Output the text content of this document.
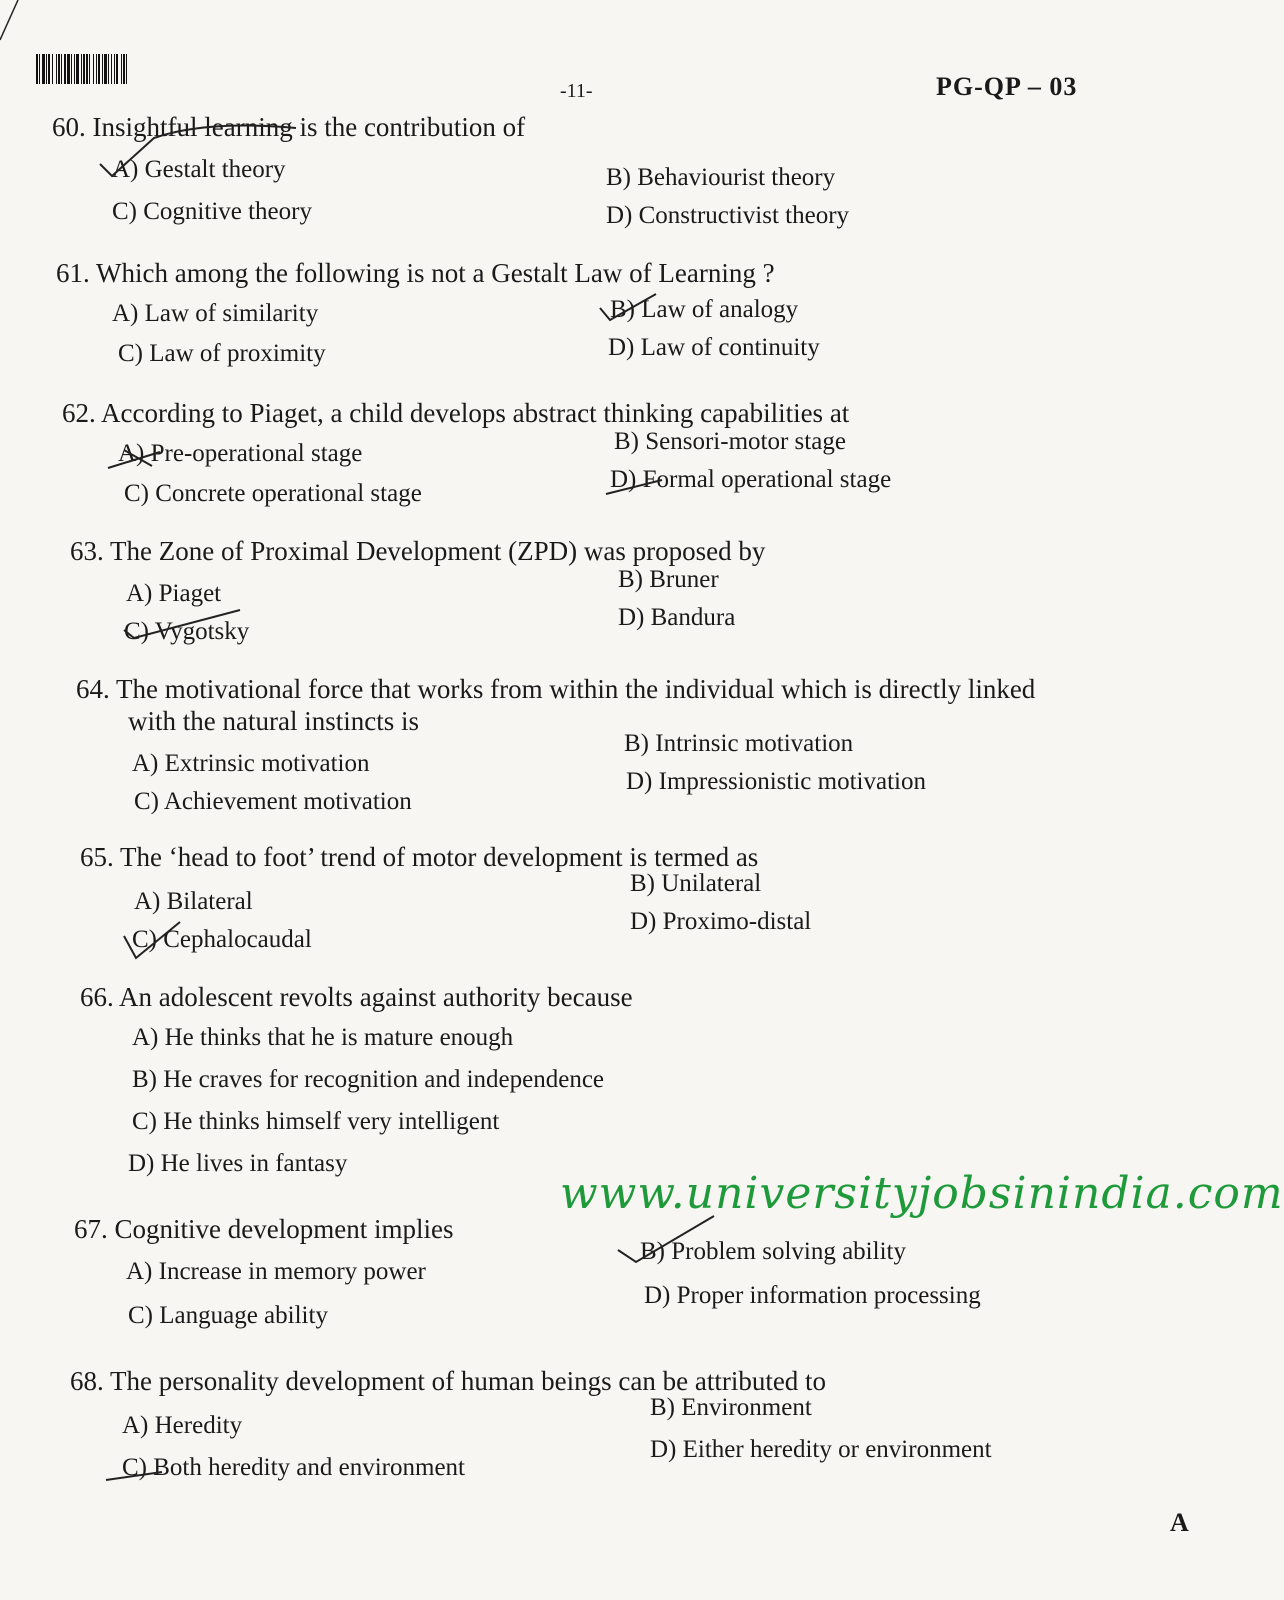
-11-	PG-QP – 03
60. Insightful learning is the contribution of
A) Gestalt theory	B) Behaviourist theory
C) Cognitive theory	D) Constructivist theory
61. Which among the following is not a Gestalt Law of Learning ?
A) Law of similarity	B) Law of analogy
C) Law of proximity	D) Law of continuity
62. According to Piaget, a child develops abstract thinking capabilities at
A) Pre-operational stage	B) Sensori-motor stage
C) Concrete operational stage
D) Formal operational stage
63. The Zone of Proximal Development (ZPD) was proposed by
A) Piaget
B) Bruner
C) Vygotsky
D) Bandura
64. The motivational force that works from within the individual which is directly linked
with the natural instincts is
A) Extrinsic motivation
B) Intrinsic motivation
C) Achievement motivation
D) Impressionistic motivation
65. The ‘head to foot’ trend of motor development is termed as
A) Bilateral
B) Unilateral
C) Cephalocaudal
D) Proximo-distal
66. An adolescent revolts against authority because
A) He thinks that he is mature enough
B) He craves for recognition and independence
C) He thinks himself very intelligent
D) He lives in fantasy
www.universityjobsinindia.com
67. Cognitive development implies
A) Increase in memory power
B) Problem solving ability
C) Language ability
D) Proper information processing
68. The personality development of human beings can be attributed to
A) Heredity
B) Environment
C) Both heredity and environment
D) Either heredity or environment
A
